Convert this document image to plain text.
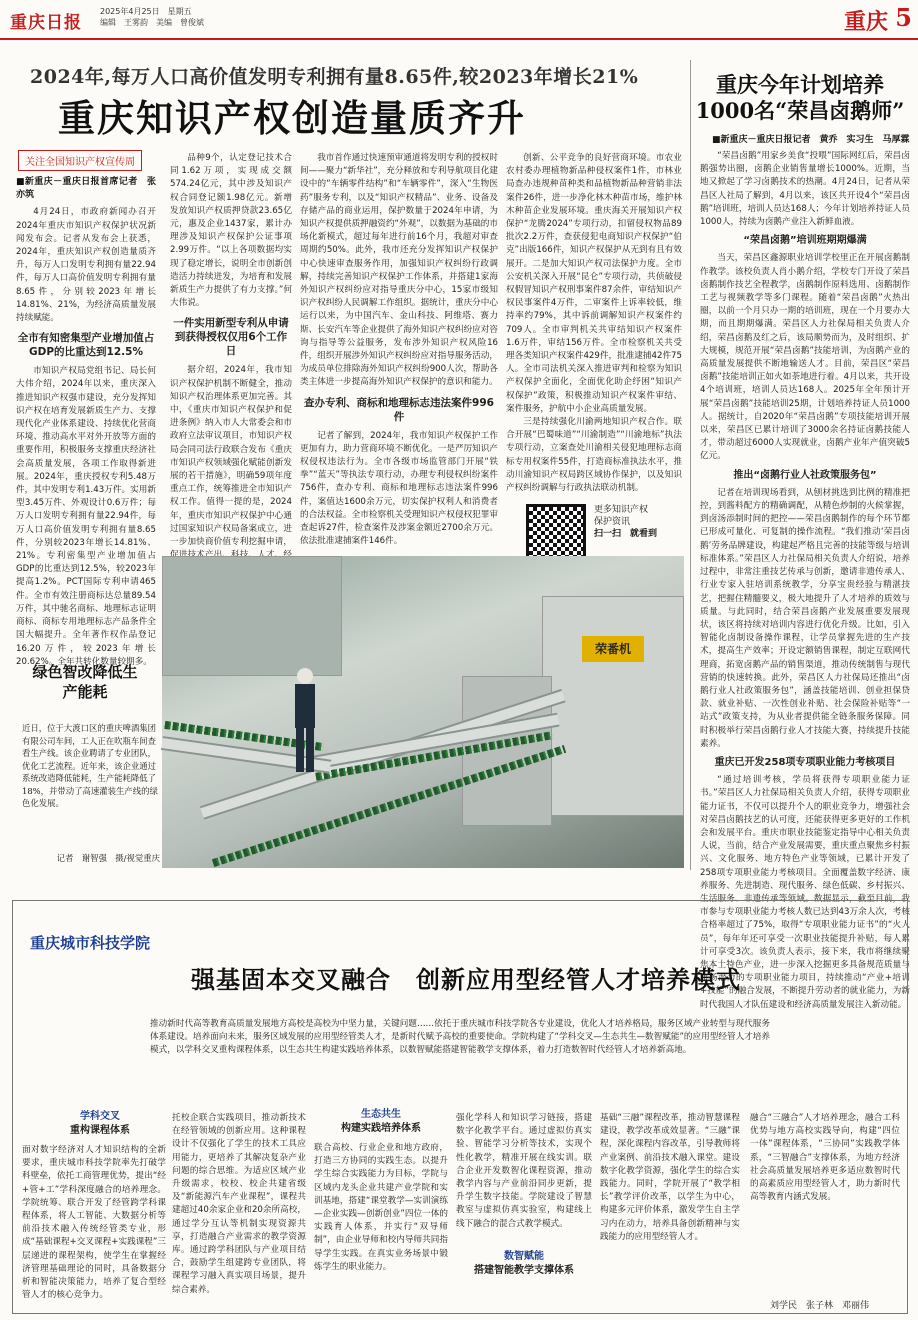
重庆日报
2025年4月25日　星期五
编辑　王雾韵　美编　曾俊斌	重庆 5
2024年,每万人口高价值发明专利拥有量8.65件,较2023年增长21%
重庆知识产权创造量质齐升
关注全国知识产权宣传周
■新重庆－重庆日报首席记者　张亦筑

4月24日，市政府新闻办召开2024年重庆市知识产权保护状况新闻发布会。记者从发布会上获悉，2024年，重庆知识产权创造量质齐升，每万人口发明专利拥有量22.94件，每万人口高价值发明专利拥有量8.65件，分别较2023年增长14.81%、21%，为经济高质量发展持续赋能。

全市有知密集型产业增加值占GDP的比重达到12.5%

市知识产权局党组书记、局长何大伟介绍，2024年以来，重庆深入推进知识产权强市建设，充分发挥知识产权在培育发展新质生产力、支撑现代化产业体系建设、持续优化营商环境、推动高水平对外开放等方面的重要作用，积极服务支撑重庆经济社会高质量发展，各项工作取得新进展。2024年，重庆授权专利5.48万件，其中发明专利1.43万件。实用新型3.45万件、外观设计0.6万件；每万人口发明专利拥有量22.94件，每万人口高价值发明专利拥有量8.65件，分别较2023年增长14.81%、21%。专利密集型产业增加值占GDP的比重达到12.5%，较2023年提高1.2%。PCT国际专利申请465件。全市有效注册商标达总量89.54万件，其中驰名商标、地理标志证明商标、商标专用地理标志产品条件全国大幅提升。全年著作权作品登记16.20万件，较2023年增长20.62%。全年共转化数量较期多。

品种9个，认定登记技术合同1.62万项，实现成交额574.24亿元，其中涉及知识产权合同登记额1.98亿元。新增发放知识产权质押贷款23.65亿元，惠及企业1437家，累计办理涉及知识产权保护公证事项2.99万件。“以上各项数据均实现了稳定增长，说明全市创新创造活力持续迸发，为培育和发展新质生产力提供了有力支撑。”何大伟说。

一件实用新型专利从申请到获得授权仅用6个工作日

据介绍，2024年，我市知识产权保护机制不断健全，推动知识产权治理体系更加完善。其中，《重庆市知识产权保护和促进条例》纳入市人大常委会和市政府立法审议项目，市知识产权局会同司法行政联合发布《重庆市知识产权领域强化赋能创新发展的若干措施》，明确59项年度重点工作，统筹推进全市知识产权工作。值得一提的是，2024年，重庆市知识产权保护中心通过国家知识产权局备案成立，进一步加快商价值专利挖掘申请，

我市首作通过快速预审通道将发明专利的授权时间——聚力“新华社”，充分释放和专利导航项目化建设中的“车辆零件结构”和“车辆零件”，深入“生物医药”服务专利，以及“知识产权精品”、业务、设备及存储产品的商业运用，保护数量于2024年申请，为知识产权提供质押融资约“外观”，以数据为基础的市场化新模式，超过每年进行前16个月，我超对审查周期约50%。此外，我市还充分发挥知识产权保护中心快速审查服务作用，加强知识产权纠纷行政调解，持续完善知识产权保护工作体系，并搭建1家海外知识产权纠纷应对指导重庆分中心，15家市级知识产权纠纷人民调解工作组织。据统计，重庆分中心运行以来，为中国汽车、金山科技、阿维塔、赛力斯、长安汽车等企业提供了海外知识产权纠纷应对咨询与指导等公益服务，发布涉外知识产权风险16件，组织开展涉外知识产权纠纷应对指导服务活动，为成员单位排除海外知识产权纠纷900人次，帮助各类主体进一步提高海外知识产权保护的意识和能力。

查办专利、商标和地理标志违法案件996件

记者了解到，2024年，我市知识产权保护工作更加有力，助力营商环境不断优化。一是严厉知识产权侵权违法行为。全市各级市场监管部门开展“铁拳”“蓝天”等执法专项行动，办理专利侵权纠纷案件756件，查办专利、商标和地理标志违法案件996件，案值达1600余万元，切实保护权利人和消费者的合法权益。全市检察机关受理知识产权侵权犯罪审查起诉27件，检查案件及涉案金额近2700余万元。依法批准逮捕案件146件。

创新、公平竞争的良好营商环境。市农业农村委办理植物新品种侵权案件1件，市林业局查办违规种苗种类和品植物新品种营销非法案件26件，进一步净化林木种苗市场，维护林木种苗企业发展环境。重庆海关开展知识产权保护“龙腾2024”专项行动，扣留侵权物品89批次2.2万件，查获侵犯电商知识产权保护“伯克”出版166件，知识产权保护从无到有且有效展开。二是加大知识产权司法保护力度。全市公安机关深入开展“昆仑”专项行动，共侦破侵权假冒知识产权刑事案件87余件，审结知识产权民事案件4万件，二审案件上诉率较低，维持率约79%，其中诉前调解知识产权案件约709人。全市审判机关共审结知识产权案件1.6万件，审结156万件。全市检察机关共受理各类知识产权案件429件，批准逮捕42件75人。全市司法机关深入推进审判和检察为知识产权保护全面化，全面优化助企纾困“知识产权保护”政策，积极推动知识产权案件审结、案件服务，护航中小企业高质量发展。

三是持续强化川渝两地知识产权合作。联合开展“巴蜀味道”“川渝制造”“川渝地标”执法专项行动，立案查处川渝相关侵犯地理标志商标专用权案件55件，打造商标准执法水平，推动川渝知识产权局跨区域协作保护，以及知识产权纠纷调解与行政执法联动机制。

更多知识产权
保护资讯
扫一扫　就看到
荣番机
绿色智改降低生产能耗
近日，位于大渡口区的重庆啤酒集团有限公司车间，工人正在吹瓶车间查看生产线。该企业聘请了专业团队，优化工艺流程。近年来，该企业通过系统改造降低能耗，生产能耗降低了18%，并带动了高速灌装生产线的绿色化发展。
记者　谢智强　摄/视觉重庆
重庆今年计划培养1000名“荣昌卤鹅师”
■新重庆－重庆日报记者　黄乔　实习生　马厚霖

“荣昌卤鹅”用家乡美食“投喂”国际网红后，荣昌卤鹅强势出圈，卤鹅企业销售量增长1000%。近期，当地又掀起了学习卤鹅技术的热潮。4月24日，记者从荣昌区人社局了解到，4月以来，该区共开设4个“荣昌卤鹅”培训班，培训人员达168人；今年计划培养持证人员1000人，持续为卤鹅产业注入新鲜血液。

“荣昌卤鹅”培训班期期爆满

当天，荣昌区鑫源职业培训学校里正在开展卤鹅制作教学。该校负责人肖小鹅介绍，学校专门开设了荣昌卤鹅制作技艺全程教学，卤鹅制作原料选用、卤鹅制作工艺与视频教学等多门课程。随着“荣昌卤鹅”火热出圈，以前一个月只办一期的培训班，现在一个月要办大期，而且期期爆满。荣昌区人力社保局相关负责人介绍，荣昌卤鹅及红之后，该局顺势而为，及时组织、扩大规模，规范开展“荣昌卤鹅”技能培训，为卤鹅产业的高质量发展提供不断地输送人才。目前，荣昌区“荣昌卤鹅”技能培训正如火如荼地进行着。4月以来，共开设4个培训班，培训人员达168人。2025年全年预计开展“荣昌卤鹅”技能培训25期，计划培养持证人员1000人。据统计，自2020年“荣昌卤鹅”专项技能培训开展以来，荣昌区已累计培训了3000余名持证卤鹅技能人才，带动超过6000人实现就业，卤鹅产业年产值突破5亿元。

推出“卤鹅行业人社政策服务包”

记者在培训现场看到，从刨材挑选到比例的精准把控，到酱料配方的精确调配，从精色炒制的火候掌握，到卤汤添制时间的把控——荣昌卤鹅制作的每个环节都已形成可量化、可复制的操作流程。“我们推动‘荣昌卤鹅’劳务品牌建设，构建起严格且完善的技能等级与培训标准体系。”荣昌区人力社保局相关负责人介绍说，培养过程中，非常注重技艺传承与创新，邀请非遗传承人、行业专家入驻培训系统教学，分享宝贵经验与精湛技艺，把握住精髓要义，极大地提升了人才培养的质效与质量。与此同时，结合荣昌卤鹅产业发展重要发展现状，该区将持续对培训内容进行优化升级。比如，引入智能化卤制设备操作课程，让学员掌握先进的生产技术，提高生产效率；开设定额销售课程，制定互联网代理商，拓宽卤鹅产品的销售渠道，推动传统制售与现代营销的快速转换。此外，荣昌区人力社保局还推出“卤鹅行业人社政策服务包”，涵盖技能培训、创业担保贷款、就业补贴、一次性创业补贴、社会保险补贴等“一站式”政策支持，为从业者提供能全链条服务保障。同时积极举行荣昌卤鹅行业人才技能大赛，持续提升技能素养。

重庆已开发258项专项职业能力考核项目

“通过培训考核，学员将获得专项职业能力证书。”荣昌区人力社保局相关负责人介绍，获得专项职业能力证书，不仅可以提升个人的职业竞争力，增强社会对荣昌卤鹅技艺的认可度，还能获得更多更好的工作机会和发展平台。重庆市职业技能鉴定指导中心相关负责人说，当前，结合产业发展需要，重庆重点聚焦乡村振兴、文化服务、地方特色产业等领域，已累计开发了258项专项职业能力考核项目。全面覆盖数字经济、康养服务、先进制造、现代服务、绿色低碳、乡村振兴、生活服务、非遗传承等领域。数据显示，截至目前，我市参与专项职业能力考核人数已达到43万余人次，考核合格率超过了75%，取得“专项职业能力证书”的“火人员”，每年年还可享受一次职业技能提升补贴，每人累计可享受3次。该负责人表示，接下来，我市将继续聚焦本土特色产业，进一步深入挖掘更多具备规范质量与市场潜力的专项职业能力项目，持续推动“产业+培训+技能”的融合发展，不断提升劳动者的就业能力，为新时代我国人才队伍建设和经济高质量发展注入新动能。

重庆城市科技学院
强基固本交叉融合　创新应用型经管人才培养模式
推动新时代高等教育高质量发展地方高校是高校为中坚力量，关键问题……依托于重庆城市科技学院各专业建设，优化人才培养格局，服务区域产业转型与现代服务体系建设。培养面向未来，服务区域发展的应用型经管类人才，是新时代赋予高校的重要使命。学院构建了“学科交叉—生态共生—数智赋能”的应用型经管人才培养模式，以学科交叉重构课程体系，以生态共生构建实践培养体系，以数智赋能搭建智能教学支撑体系，着力打造数智时代经管人才培养新高地。
学科交叉
重构课程体系
面对数字经济对人才知识结构的全新要求，重庆城市科技学院率先打破学科壁垒，依托工商管理优势，提出“经+管+工”学科深度融合的培养理念。学院统筹、联合开发了经管跨学科课程体系，将人工智能、大数据分析等前沿技术融入传统经管类专业，形成“基础课程+交叉课程+实践课程”三层递进的课程架构，使学生在掌握经济管理基础理论的同时，具备数据分析和智能决策能力，培养了复合型经管人才的核心竞争力。
托校企联合实践项目，推动新技术在经管领域的创新应用。这种课程设计不仅强化了学生的技术工具应用能力，更培养了其解决复杂产业问题的综合思维。为适应区域产业升级需求，校校、校企共建省级及“新能源汽车产业课程”，课程共建超过40余家企业和20余所高校，通过学分互认等机制实现资源共享，打造融合产业需求的教学资源库。通过跨学科团队与产业项目结合，鼓励学生组建跨专业团队，将课程学习融入真实项目场景，提升综合素养。
生态共生
构建实践培养体系
联合高校、行业企业和地方政府，打造三方协同的实践生态。以提升学生综合实践能力为目标，学院与区域内龙头企业共建产业学院和实训基地，搭建“课堂教学—实训演练—企业实践—创新创业”四位一体的实践育人体系，并实行“双导师制”，由企业导师和校内导师共同指导学生实践。在真实业务场景中锻炼学生的职业能力。
强化学科人和知识学习链接，搭建数字化教学平台。通过虚拟仿真实验、智能学习分析等技术，实现个性化教学，精准开展在线实训。联合企业开发数智化课程资源，推动教学内容与产业前沿同步更新，提升学生数字技能。学院建设了智慧教室与虚拟仿真实验室，构建线上线下融合的混合式教学模式。
数智赋能
搭建智能教学支撑体系
基础“三融”课程改革，推动智慧课程建设，教学改革成效显著。“三融”课程，深化课程内容改革，引导教师将产业案例、前沿技术融入课堂。建设数字化教学资源，强化学生的综合实践能力。同时，学院开展了“教学相长”教学评价改革，以学生为中心，构建多元评价体系，激发学生自主学习内在动力，培养具备创新精神与实践能力的应用型经管人才。
融合“三融合”人才培养理念，融合工科优势与地方高校实践导向，构建“四位一体”课程体系，“三协同”实践教学体系，“三智融合”支撑体系，为地方经济社会高质量发展培养更多适应数智时代的高素质应用型经管人才，助力新时代高等教育内涵式发展。
刘学民　张子林　邓丽伟
